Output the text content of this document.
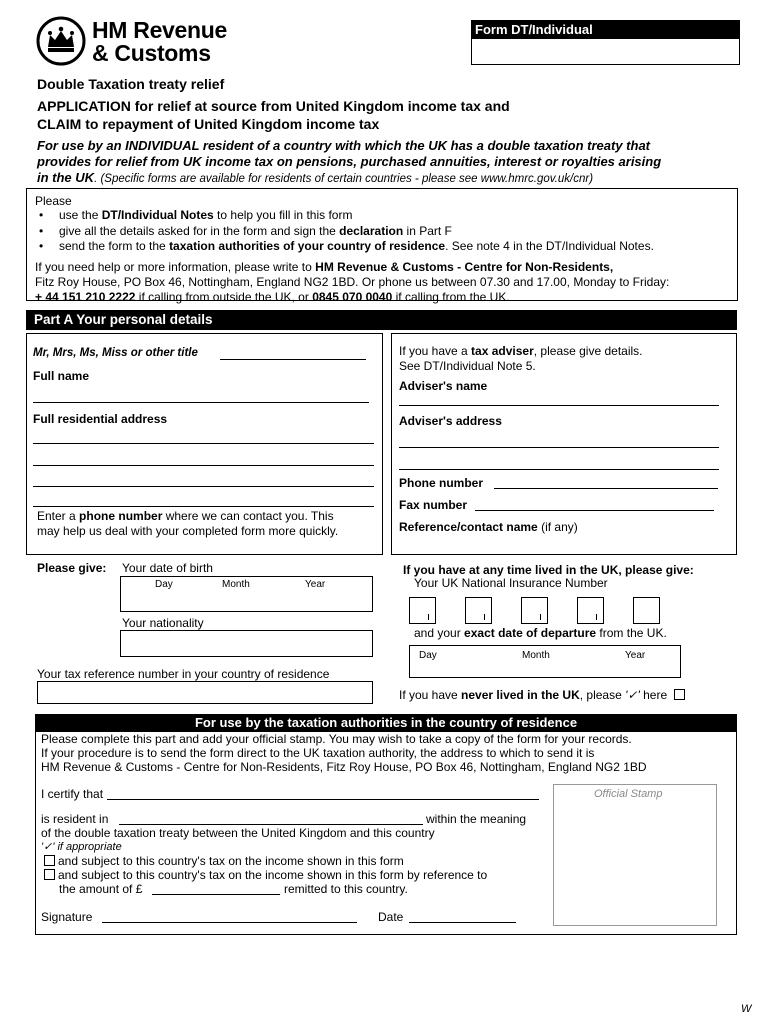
HM Revenue
& Customs
Form DT/Individual
Double Taxation treaty relief
APPLICATION for relief at source from United Kingdom income tax and
CLAIM to repayment of United Kingdom income tax
For use by an INDIVIDUAL resident of a country with which the UK has a double taxation treaty that
provides for relief from UK income tax on pensions, purchased annuities, interest or royalties arising
in the UK. (Specific forms are available for residents of certain countries - please see www.hmrc.gov.uk/cnr)
Please
• use the DT/Individual Notes to help you fill in this form
• give all the details asked for in the form and sign the declaration in Part F
• send the form to the taxation authorities of your country of residence. See note 4 in the DT/Individual Notes.
If you need help or more information, please write to HM Revenue & Customs - Centre for Non-Residents,
Fitz Roy House, PO Box 46, Nottingham, England NG2 1BD. Or phone us between 07.30 and 17.00, Monday to Friday:
+ 44 151 210 2222 if calling from outside the UK, or 0845 070 0040 if calling from the UK.
Part A Your personal details
Mr, Mrs, Ms, Miss or other title
Full name
Full residential address
Enter a phone number where we can contact you. This
may help us deal with your completed form more quickly.
If you have a tax adviser, please give details.
See DT/Individual Note 5.
Adviser's name
Adviser's address
Phone number
Fax number
Reference/contact name (if any)
Please give: Your date of birth
Day	Month	Year
Your nationality
Your tax reference number in your country of residence
If you have at any time lived in the UK, please give:
Your UK National Insurance Number
and your exact date of departure from the UK.
Day	Month	Year
If you have never lived in the UK, please '✓' here
For use by the taxation authorities in the country of residence
Please complete this part and add your official stamp. You may wish to take a copy of the form for your records.
If your procedure is to send the form direct to the UK taxation authority, the address to which to send it is
HM Revenue & Customs - Centre for Non-Residents, Fitz Roy House, PO Box 46, Nottingham, England NG2 1BD
I certify that	Official Stamp
is resident in	within the meaning
of the double taxation treaty between the United Kingdom and this country
'✓' if appropriate
and subject to this country's tax on the income shown in this form
and subject to this country's tax on the income shown in this form by reference to
the amount of £	remitted to this country.
Signature	Date
W
